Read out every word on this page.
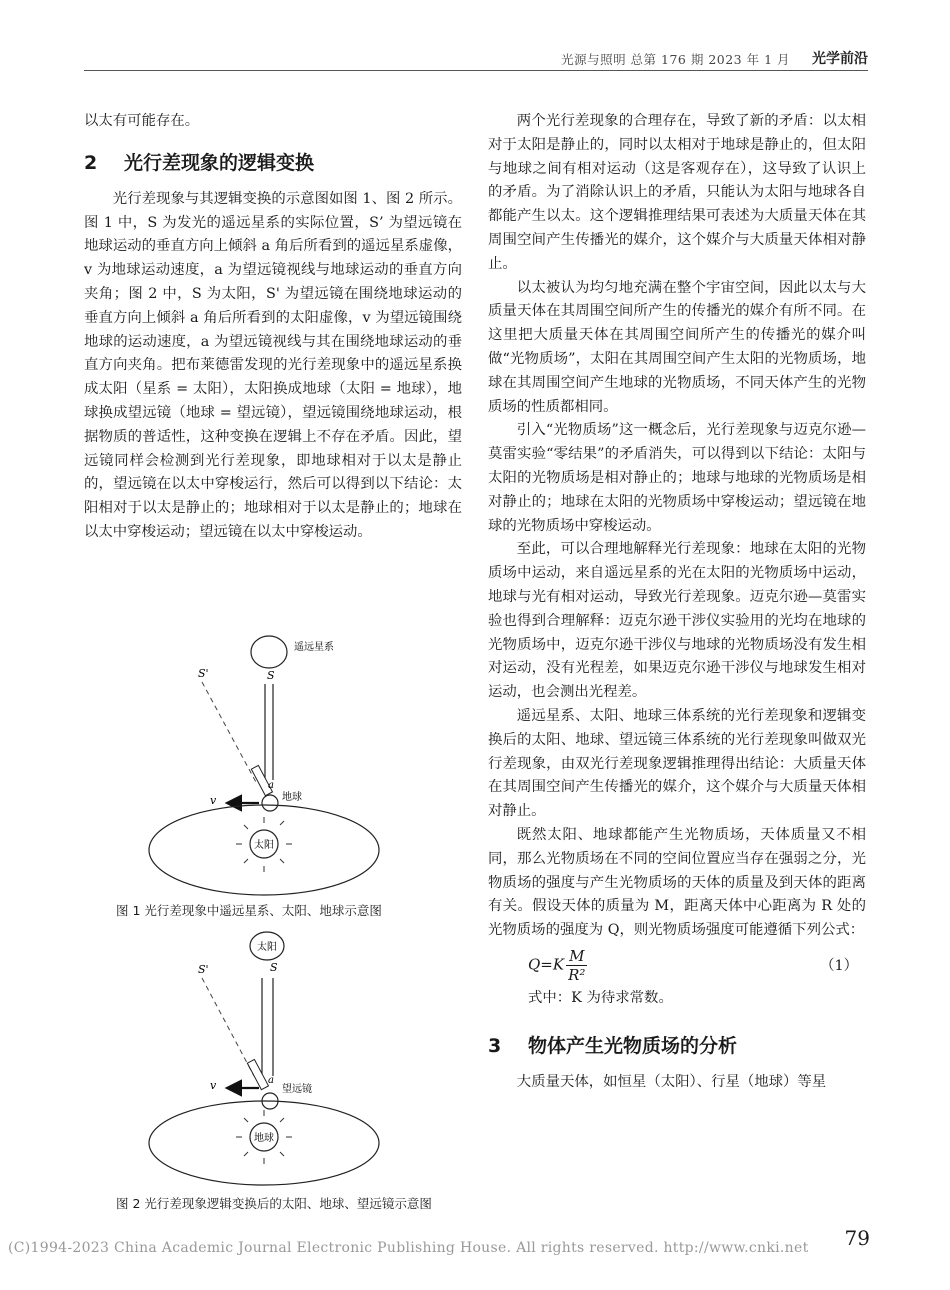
光源与照明 总第 176 期 2023 年 1 月 光学前沿

以太有可能存在。

2 光行差现象的逻辑变换

光行差现象与其逻辑变换的示意图如图 1、图 2 所示。图 1 中，S 为发光的遥远星系的实际位置，S’ 为望远镜在地球运动的垂直方向上倾斜 a 角后所看到的遥远星系虚像，v 为地球运动速度，a 为望远镜视线与地球运动的垂直方向夹角；图 2 中，S 为太阳，S' 为望远镜在围绕地球运动的垂直方向上倾斜 a 角后所看到的太阳虚像，v 为望远镜围绕地球的运动速度，a 为望远镜视线与其在围绕地球运动的垂直方向夹角。把布莱德雷发现的光行差现象中的遥远星系换成太阳（星系 = 太阳），太阳换成地球（太阳 = 地球），地球换成望远镜（地球 = 望远镜），望远镜围绕地球运动，根据物质的普适性，这种变换在逻辑上不存在矛盾。因此，望远镜同样会检测到光行差现象，即地球相对于以太是静止的，望远镜在以太中穿梭运行，然后可以得到以下结论：太阳相对于以太是静止的；地球相对于以太是静止的；地球在以太中穿梭运动；望远镜在以太中穿梭运动。

遥远星系
S
S'
a
地球
v
太阳
图 1 光行差现象中遥远星系、太阳、地球示意图
太阳
S
S'
a
望远镜
v
地球
图 2 光行差现象逻辑变换后的太阳、地球、望远镜示意图

两个光行差现象的合理存在，导致了新的矛盾：以太相对于太阳是静止的，同时以太相对于地球是静止的，但太阳与地球之间有相对运动（这是客观存在），这导致了认识上的矛盾。为了消除认识上的矛盾，只能认为太阳与地球各自都能产生以太。这个逻辑推理结果可表述为大质量天体在其周围空间产生传播光的媒介，这个媒介与大质量天体相对静止。

以太被认为均匀地充满在整个宇宙空间，因此以太与大质量天体在其周围空间所产生的传播光的媒介有所不同。在这里把大质量天体在其周围空间所产生的传播光的媒介叫做“光物质场”，太阳在其周围空间产生太阳的光物质场，地球在其周围空间产生地球的光物质场，不同天体产生的光物质场的性质都相同。

引入“光物质场”这一概念后，光行差现象与迈克尔逊—莫雷实验“零结果”的矛盾消失，可以得到以下结论：太阳与太阳的光物质场是相对静止的；地球与地球的光物质场是相对静止的；地球在太阳的光物质场中穿梭运动；望远镜在地球的光物质场中穿梭运动。

至此，可以合理地解释光行差现象：地球在太阳的光物质场中运动，来自遥远星系的光在太阳的光物质场中运动，地球与光有相对运动，导致光行差现象。迈克尔逊—莫雷实验也得到合理解释：迈克尔逊干涉仪实验用的光均在地球的光物质场中，迈克尔逊干涉仪与地球的光物质场没有发生相对运动，没有光程差，如果迈克尔逊干涉仪与地球发生相对运动，也会测出光程差。

遥远星系、太阳、地球三体系统的光行差现象和逻辑变换后的太阳、地球、望远镜三体系统的光行差现象叫做双光行差现象，由双光行差现象逻辑推理得出结论：大质量天体在其周围空间产生传播光的媒介，这个媒介与大质量天体相对静止。

既然太阳、地球都能产生光物质场，天体质量又不相同，那么光物质场在不同的空间位置应当存在强弱之分，光物质场的强度与产生光物质场的天体的质量及到天体的距离有关。假设天体的质量为 M，距离天体中心距离为 R 处的光物质场的强度为 Q，则光物质场强度可能遵循下列公式：

$Q=K \frac{M}{\text{R²}}$	（1）

式中：K 为待求常数。

3 物体产生光物质场的分析

大质量天体，如恒星（太阳）、行星（地球）等星

79
(C)1994-2023 China Academic Journal Electronic Publishing House. All rights reserved. http://www.cnki.net
